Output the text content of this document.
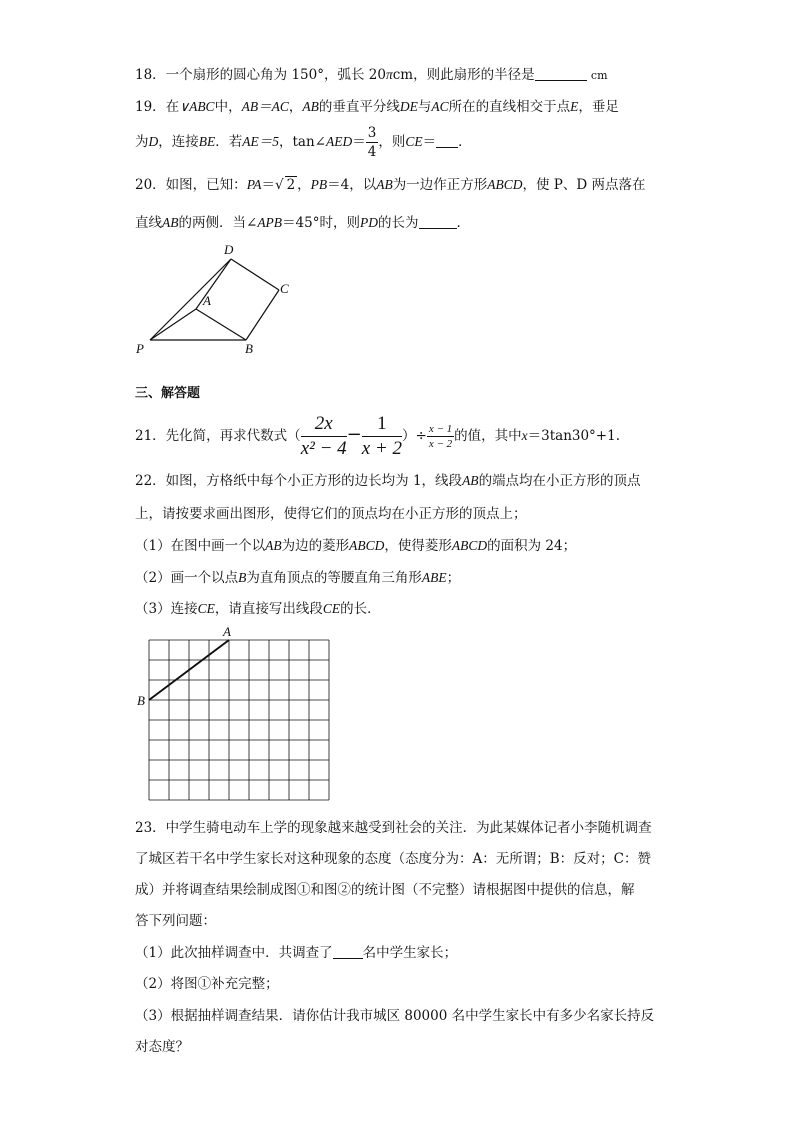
18．一个扇形的圆心角为 150°，弧长 20πcm，则此扇形的半径是	cm
19．在∨ABC中，AB＝AC，AB的垂直平分线DE与AC所在的直线相交于点E，垂足
为D，连接BE．若AE＝5，tan∠AED＝ $\frac{3}{4}$ ，则CE＝ ．
20．如图，已知：PA＝√ 2 ，PB＝4，以AB为一边作正方形ABCD，使 P、D 两点落在
直线AB的两侧．当∠APB＝45°时，则PD的长为	．
D
C
A
P	B
三、解答题
21．先化简，再求代数式（ $\frac{2x}{\text{x² − 4}} - \frac{1}{x + 2}$ ）÷ $\frac{x - 1}{x - 2}$ 的值，其中x＝3tan30°+1.
22．如图，方格纸中每个小正方形的边长均为 1，线段AB的端点均在小正方形的顶点
上，请按要求画出图形，使得它们的顶点均在小正方形的顶点上；
（1）在图中画一个以AB为边的菱形ABCD，使得菱形ABCD的面积为 24；
（2）画一个以点B为直角顶点的等腰直角三角形ABE；
（3）连接CE，请直接写出线段CE的长．
A
B
23．中学生骑电动车上学的现象越来越受到社会的关注．为此某媒体记者小李随机调查
了城区若干名中学生家长对这种现象的态度（态度分为：A：无所谓；B：反对；C：赞
成）并将调查结果绘制成图①和图②的统计图（不完整）请根据图中提供的信息，解
答下列问题：
（1）此次抽样调查中．共调查了 名中学生家长；
（2）将图①补充完整；
（3）根据抽样调查结果．请你估计我市城区 80000 名中学生家长中有多少名家长持反
对态度？
